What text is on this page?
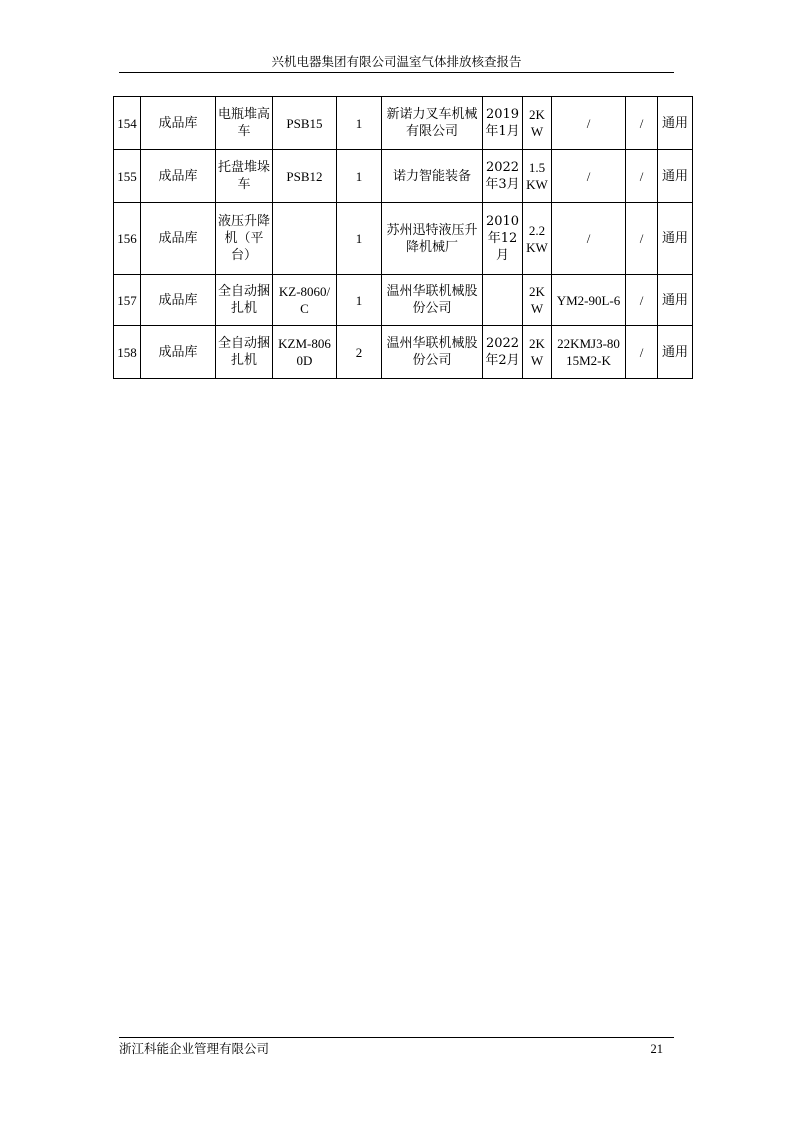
兴机电器集团有限公司温室气体排放核查报告
154	成品库	电瓶堆高车	PSB15	1	新诺力叉车机械有限公司	2019年1月	2KW	/	/	通用
155	成品库	托盘堆垛车	PSB12	1	诺力智能装备	2022年3月	1.5KW	/	/	通用
156	成品库	液压升降机（平台）		1	苏州迅特液压升降机械厂	2010年12月	2.2KW	/	/	通用
157	成品库	全自动捆扎机	KZ-8060/C	1	温州华联机械股份公司		2KW	YM2-90L-6	/	通用
158	成品库	全自动捆扎机	KZM-8060D	2	温州华联机械股份公司	2022年2月	2KW	22KMJ3-8015M2-K	/	通用
浙江科能企业管理有限公司	21
